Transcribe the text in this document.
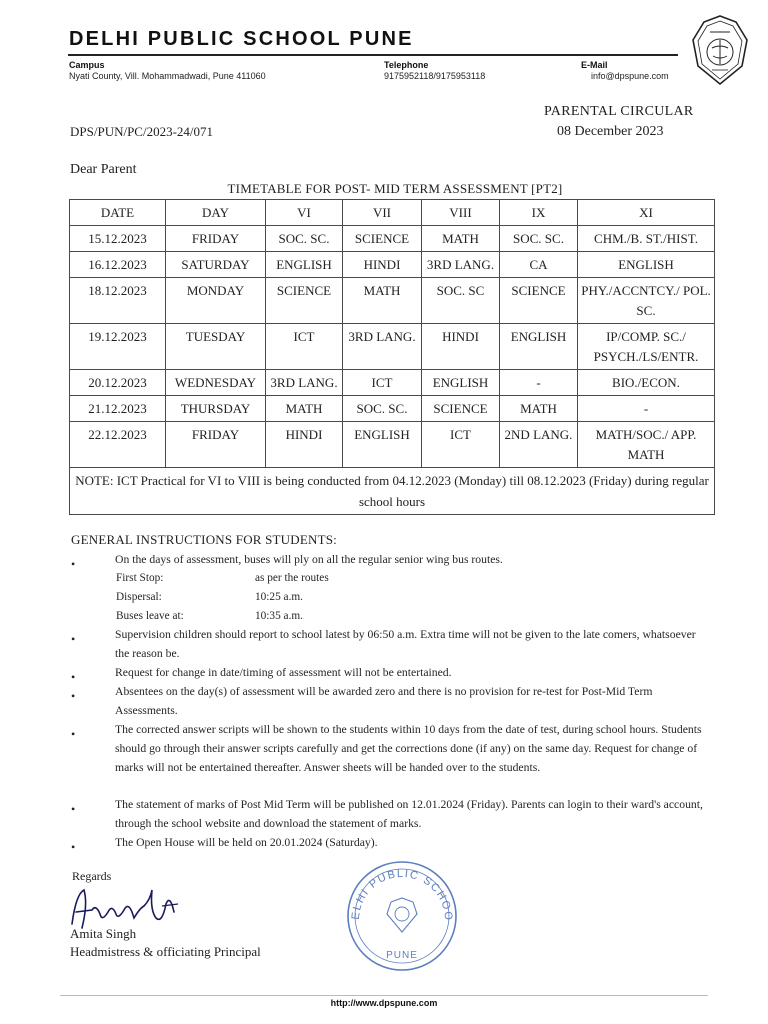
DELHI PUBLIC SCHOOL PUNE
Campus
Nyati County, Vill. Mohammadwadi, Pune 411060
Telephone
9175952118/9175953118
E-Mail
info@dpspune.com
PARENTAL CIRCULAR
DPS/PUN/PC/2023-24/071	08 December 2023
Dear Parent
TIMETABLE FOR POST- MID TERM ASSESSMENT [PT2]
DATE	DAY	VI	VII	VIII	IX	XI
15.12.2023	FRIDAY	SOC. SC.	SCIENCE	MATH	SOC. SC.	CHM./B. ST./HIST.
16.12.2023	SATURDAY	ENGLISH	HINDI	3RD LANG.	CA	ENGLISH
18.12.2023	MONDAY	SCIENCE	MATH	SOC. SC	SCIENCE	PHY./ACCNTCY./ POL. SC.
19.12.2023	TUESDAY	ICT	3RD LANG.	HINDI	ENGLISH	IP/COMP. SC./ PSYCH./LS/ENTR.
20.12.2023	WEDNESDAY	3RD LANG.	ICT	ENGLISH	-	BIO./ECON.
21.12.2023	THURSDAY	MATH	SOC. SC.	SCIENCE	MATH	-
22.12.2023	FRIDAY	HINDI	ENGLISH	ICT	2ND LANG.	MATH/SOC./ APP. MATH
NOTE: ICT Practical for VI to VIII is being conducted from 04.12.2023 (Monday) till 08.12.2023 (Friday) during regular school hours						
GENERAL INSTRUCTIONS FOR STUDENTS:
•	On the days of assessment, buses will ply on all the regular senior wing bus routes.
First Stop:	as per the routes
Dispersal:	10:25 a.m.
Buses leave at:	10:35 a.m.
•	Supervision children should report to school latest by 06:50 a.m. Extra time will not be given to the late comers, whatsoever the reason be.
•	Request for change in date/timing of assessment will not be entertained.
•	Absentees on the day(s) of assessment will be awarded zero and there is no provision for re-test for Post-Mid Term Assessments.
•	The corrected answer scripts will be shown to the students within 10 days from the date of test, during school hours. Students should go through their answer scripts carefully and get the corrections done (if any) on the same day. Request for change of marks will not be entertained thereafter. Answer sheets will be handed over to the students.
•	The statement of marks of Post Mid Term will be published on 12.01.2024 (Friday). Parents can login to their ward's account, through the school website and download the statement of marks.
•	The Open House will be held on 20.01.2024 (Saturday).
Regards
Amita Singh
Headmistress & officiating Principal
ELHI PUBLIC SCHOO
PUNE
http://www.dpspune.com
